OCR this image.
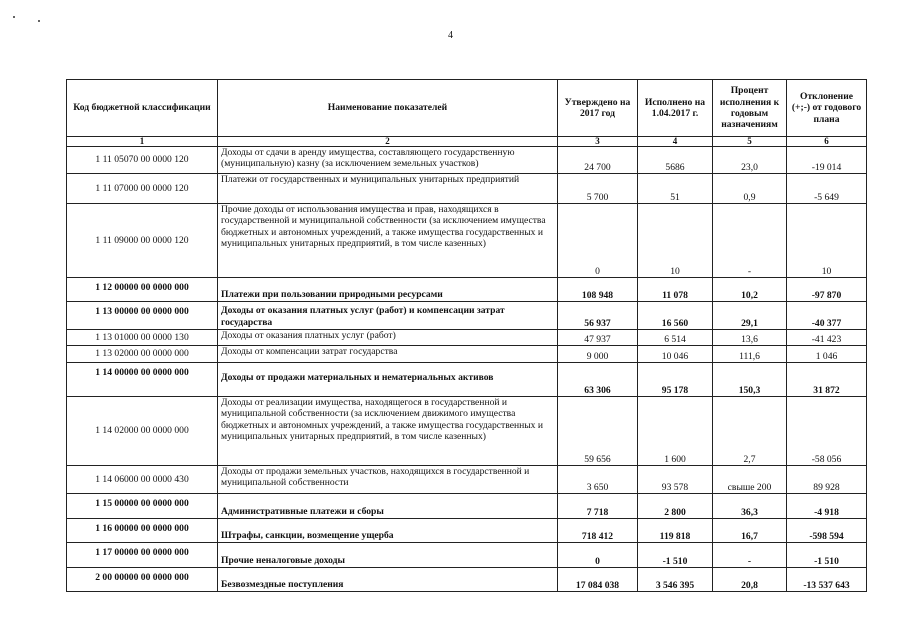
4
Код бюджетной классификации	Наименование показателей	Утверждено на 2017 год	Исполнено на 1.04.2017 г.	Процент исполнения к годовым назначениям	Отклонение (+;-) от годового плана
1	2	3	4	5	6
1 11 05070 00 0000 120	Доходы от сдачи в аренду имущества, составляющего государственную (муниципальную) казну (за исключением земельных участков)	24 700	5686	23,0	-19 014
1 11 07000 00 0000 120	Платежи от государственных и муниципальных унитарных предприятий	5 700	51	0,9	-5 649
1 11 09000 00 0000 120	Прочие доходы от использования имущества и прав, находящихся в государственной и муниципальной собственности (за исключением имущества бюджетных и автономных учреждений, а также имущества государственных и муниципальных унитарных предприятий, в том числе казенных)	0	10	-	10
1 12 00000 00 0000 000	Платежи при пользовании природными ресурсами	108 948	11 078	10,2	-97 870
1 13 00000 00 0000 000	Доходы от оказания платных услуг (работ) и компенсации затрат государства	56 937	16 560	29,1	-40 377
1 13 01000 00 0000 130	Доходы от оказания платных услуг (работ)	47 937	6 514	13,6	-41 423
1 13 02000 00 0000 000	Доходы от компенсации затрат государства	9 000	10 046	111,6	1 046
1 14 00000 00 0000 000	Доходы от продажи материальных и нематериальных активов	63 306	95 178	150,3	31 872
1 14 02000 00 0000 000	Доходы от реализации имущества, находящегося в государственной и муниципальной собственности (за исключением движимого имущества бюджетных и автономных учреждений, а также имущества государственных и муниципальных унитарных предприятий, в том числе казенных)	59 656	1 600	2,7	-58 056
1 14 06000 00 0000 430	Доходы от продажи земельных участков, находящихся в государственной и муниципальной собственности	3 650	93 578	свыше 200	89 928
1 15 00000 00 0000 000	Административные платежи и сборы	7 718	2 800	36,3	-4 918
1 16 00000 00 0000 000	Штрафы, санкции, возмещение ущерба	718 412	119 818	16,7	-598 594
1 17 00000 00 0000 000	Прочие неналоговые доходы	0	-1 510	-	-1 510
2 00 00000 00 0000 000	Безвозмездные поступления	17 084 038	3 546 395	20,8	-13 537 643
